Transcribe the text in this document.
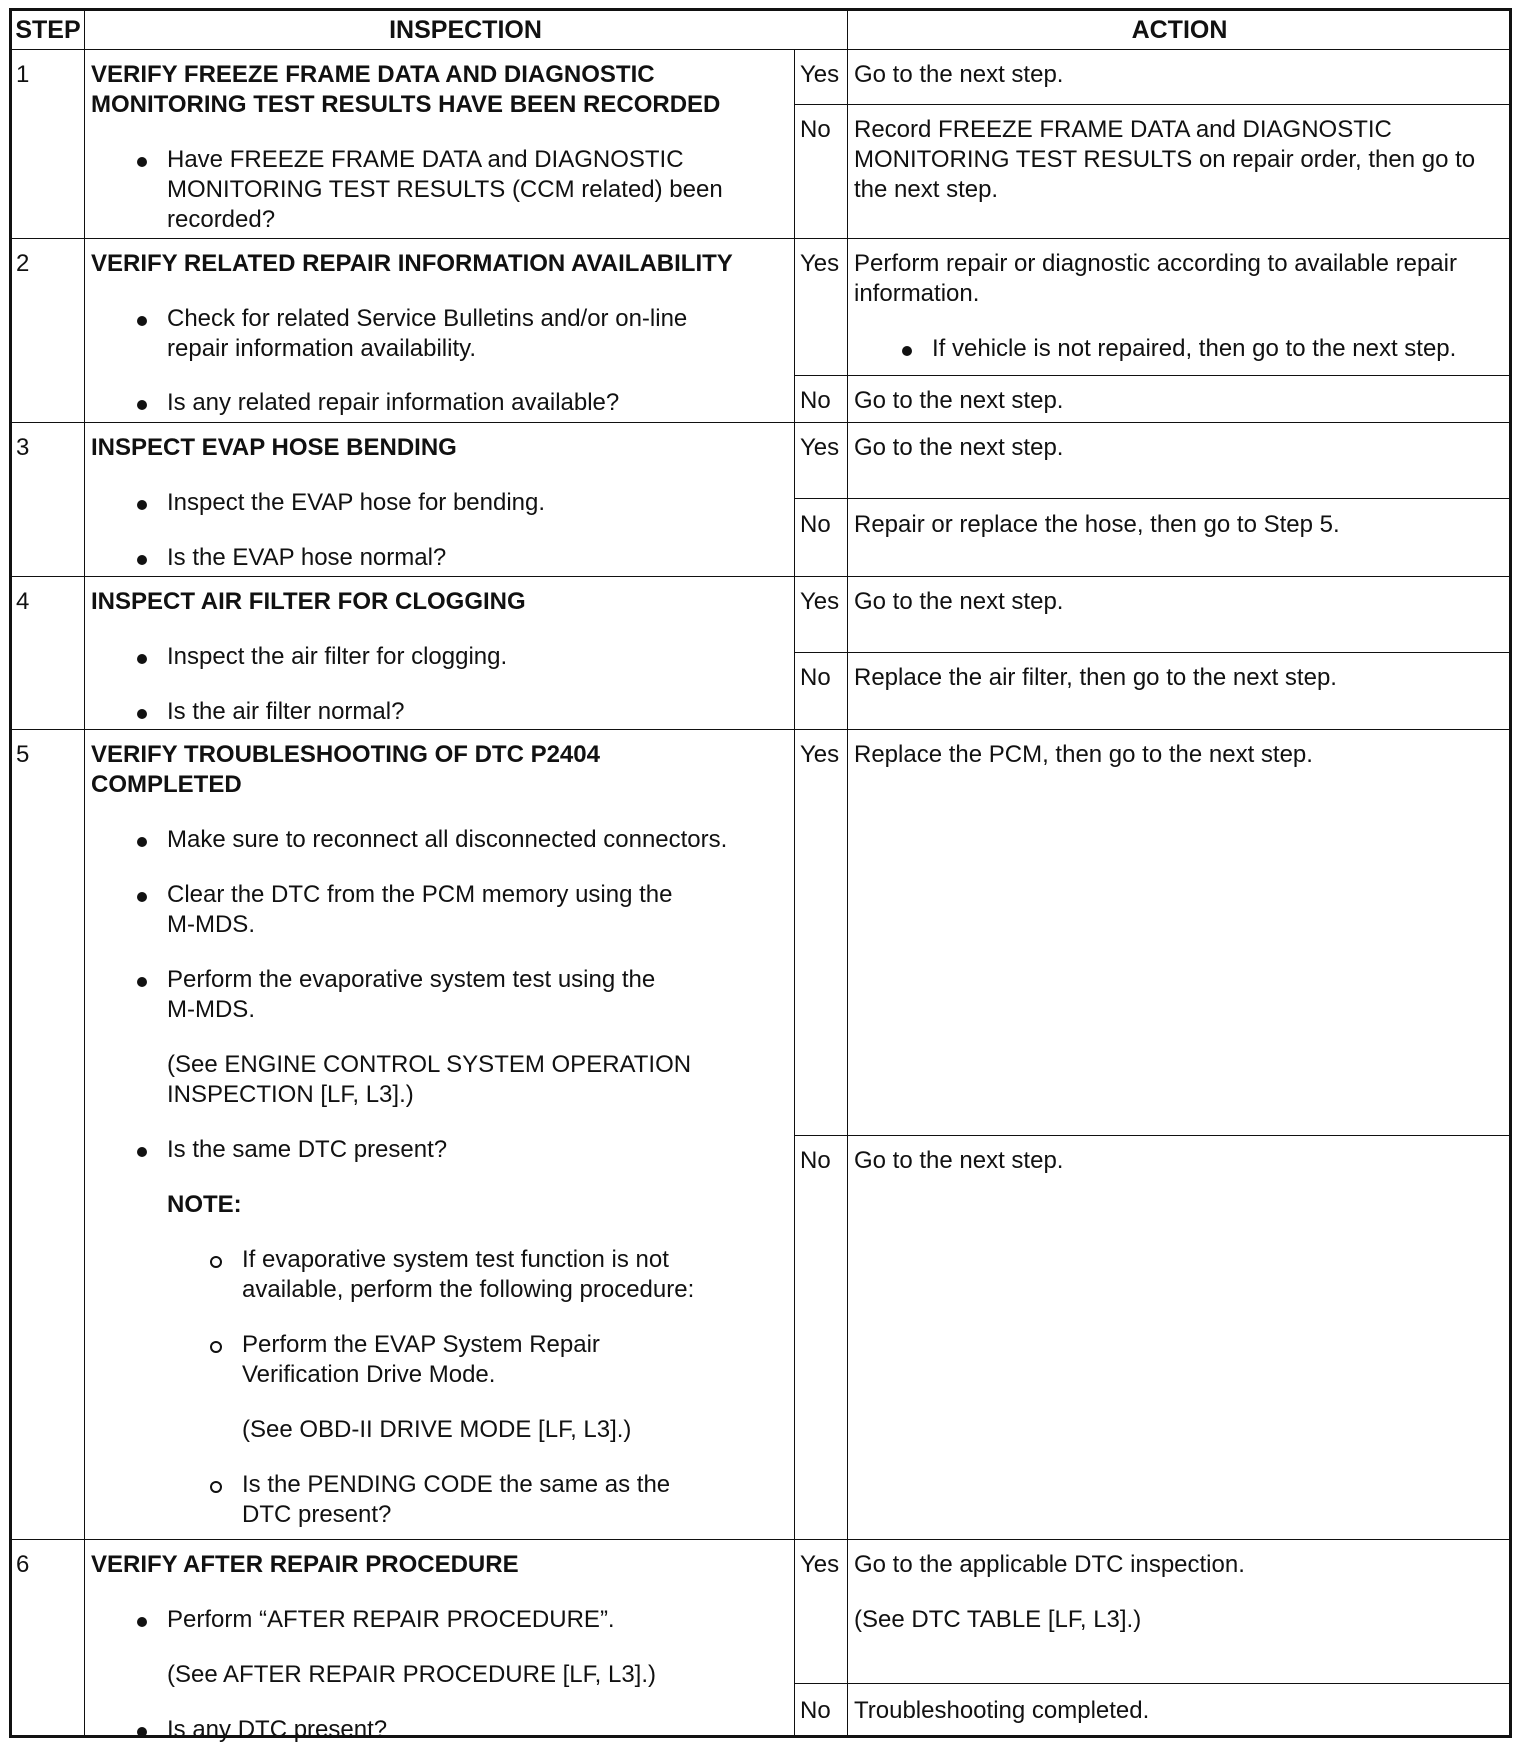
STEP	INSPECTION	ACTION
1	VERIFY FREEZE FRAME DATA AND DIAGNOSTIC
MONITORING TEST RESULTS HAVE BEEN RECORDED
Have FREEZE FRAME DATA and DIAGNOSTIC
MONITORING TEST RESULTS (CCM related) been
recorded?
Yes Go to the next step.
No Record FREEZE FRAME DATA and DIAGNOSTIC
MONITORING TEST RESULTS on repair order, then go to
the next step.
2	VERIFY RELATED REPAIR INFORMATION AVAILABILITY
Check for related Service Bulletins and/or on-line
repair information availability.
Is any related repair information available?
Yes Perform repair or diagnostic according to available repair
information.
If vehicle is not repaired, then go to the next step.
No Go to the next step.
3	INSPECT EVAP HOSE BENDING
Inspect the EVAP hose for bending.
Is the EVAP hose normal?
Yes Go to the next step.
No Repair or replace the hose, then go to Step 5.
4	INSPECT AIR FILTER FOR CLOGGING
Inspect the air filter for clogging.
Is the air filter normal?
Yes Go to the next step.
No Replace the air filter, then go to the next step.
5	VERIFY TROUBLESHOOTING OF DTC P2404
COMPLETED
Make sure to reconnect all disconnected connectors.
Clear the DTC from the PCM memory using the
M-MDS.
Perform the evaporative system test using the
M-MDS.
(See ENGINE CONTROL SYSTEM OPERATION
INSPECTION [LF, L3].)
Is the same DTC present?
NOTE:
If evaporative system test function is not
available, perform the following procedure:
Perform the EVAP System Repair
Verification Drive Mode.
(See OBD-II DRIVE MODE [LF, L3].)
Is the PENDING CODE the same as the
DTC present?
Yes Replace the PCM, then go to the next step.
No Go to the next step.
6	VERIFY AFTER REPAIR PROCEDURE
Perform “AFTER REPAIR PROCEDURE”.
(See AFTER REPAIR PROCEDURE [LF, L3].)
Is any DTC present?
Yes Go to the applicable DTC inspection.
(See DTC TABLE [LF, L3].)
No Troubleshooting completed.
